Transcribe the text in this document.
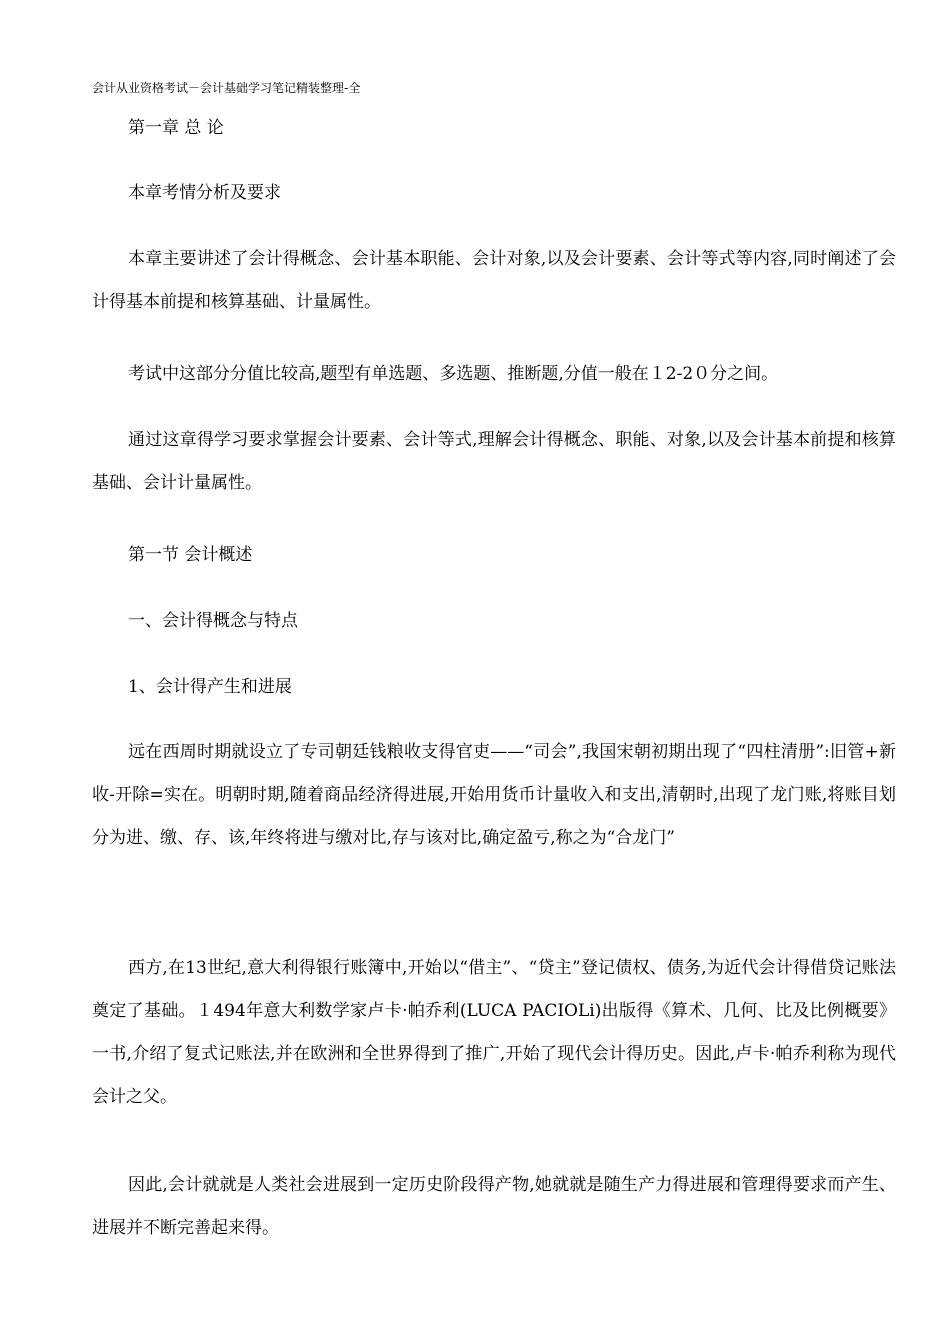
会计从业资格考试－会计基础学习笔记精装整理-全
第一章 总 论
本章考情分析及要求
本章主要讲述了会计得概念、会计基本职能、会计对象,以及会计要素、会计等式等内容,同时阐述了会计得基本前提和核算基础、计量属性。
考试中这部分分值比较高,题型有单选题、多选题、推断题,分值一般在１2-2０分之间。
通过这章得学习要求掌握会计要素、会计等式,理解会计得概念、职能、对象,以及会计基本前提和核算基础、会计计量属性。
第一节 会计概述
一、会计得概念与特点
1、会计得产生和进展
远在西周时期就设立了专司朝廷钱粮收支得官吏——“司会”,我国宋朝初期出现了“四柱清册”:旧管+新收-开除=实在。明朝时期,随着商品经济得进展,开始用货币计量收入和支出,清朝时,出现了龙门账,将账目划分为进、缴、存、该,年终将进与缴对比,存与该对比,确定盈亏,称之为“合龙门”
西方,在13世纪,意大利得银行账簿中,开始以“借主”、“贷主”登记债权、债务,为近代会计得借贷记账法奠定了基础。１494年意大利数学家卢卡·帕乔利(LUCA PACIOLi)出版得《算术、几何、比及比例概要》一书,介绍了复式记账法,并在欧洲和全世界得到了推广,开始了现代会计得历史。因此,卢卡·帕乔利称为现代会计之父。
因此,会计就就是人类社会进展到一定历史阶段得产物,她就就是随生产力得进展和管理得要求而产生、进展并不断完善起来得。
